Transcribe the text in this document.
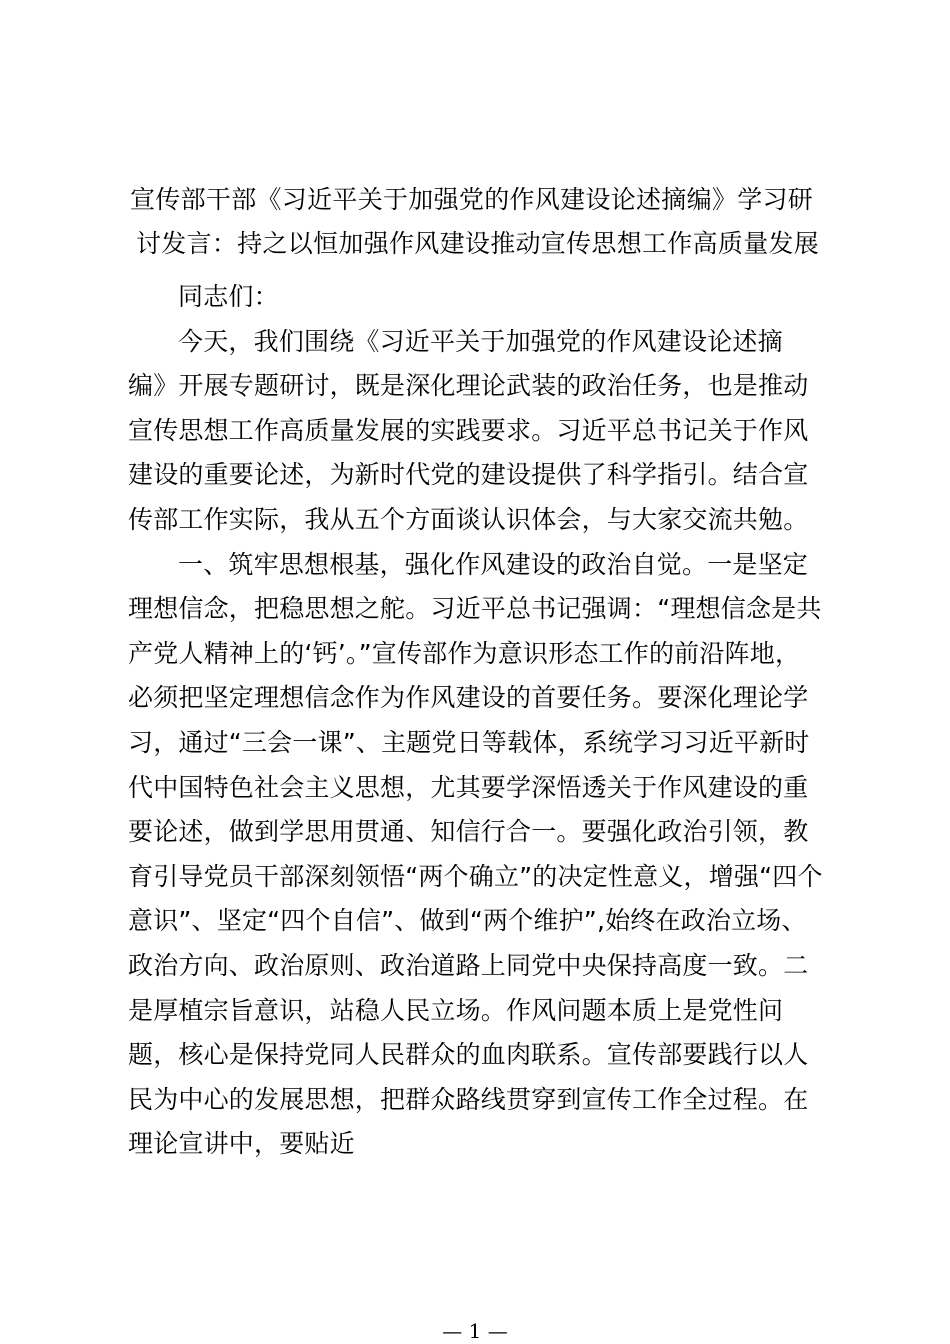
宣传部干部《习近平关于加强党的作风建设论述摘编》学习研
讨发言：持之以恒加强作风建设推动宣传思想工作高质量发展
同志们：
今天，我们围绕《习近平关于加强党的作风建设论述摘
编》开展专题研讨，既是深化理论武装的政治任务，也是推动
宣传思想工作高质量发展的实践要求。习近平总书记关于作风
建设的重要论述，为新时代党的建设提供了科学指引。结合宣
传部工作实际，我从五个方面谈认识体会，与大家交流共勉。
一、筑牢思想根基，强化作风建设的政治自觉。一是坚定
理想信念，把稳思想之舵。习近平总书记强调：“理想信念是共
产党人精神上的‘钙’。”宣传部作为意识形态工作的前沿阵地，
必须把坚定理想信念作为作风建设的首要任务。要深化理论学
习，通过“三会一课”、主题党日等载体，系统学习习近平新时
代中国特色社会主义思想，尤其要学深悟透关于作风建设的重
要论述，做到学思用贯通、知信行合一。要强化政治引领，教
育引导党员干部深刻领悟“两个确立”的决定性意义，增强“四个
意识”、坚定“四个自信”、做到“两个维护”,始终在政治立场、
政治方向、政治原则、政治道路上同党中央保持高度一致。二
是厚植宗旨意识，站稳人民立场。作风问题本质上是党性问
题，核心是保持党同人民群众的血肉联系。宣传部要践行以人
民为中心的发展思想，把群众路线贯穿到宣传工作全过程。在
理论宣讲中，要贴近
— 1 —
